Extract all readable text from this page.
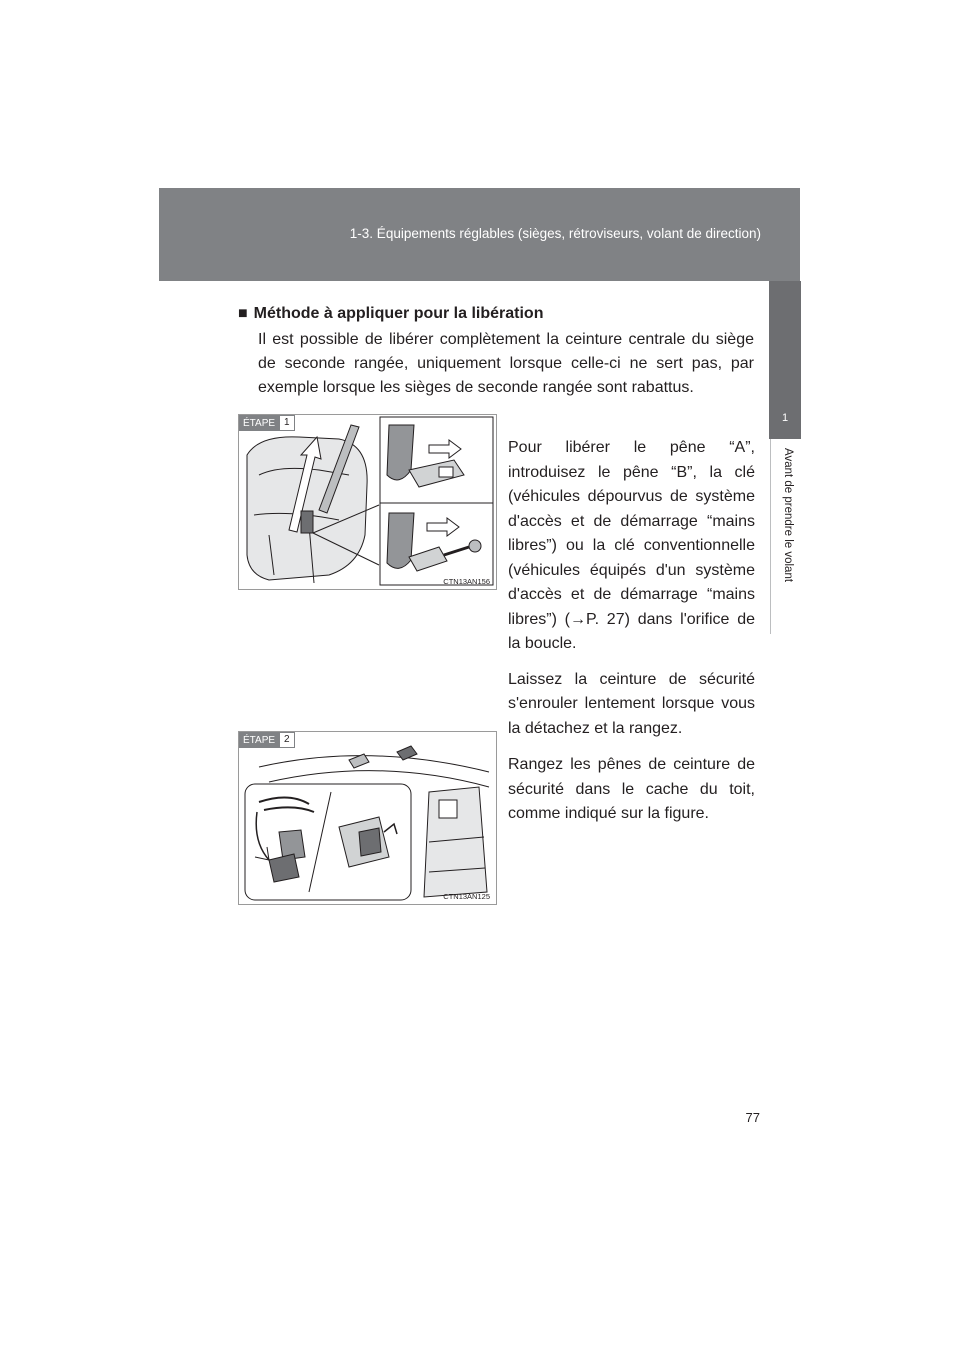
1-3. Équipements réglables (sièges, rétroviseurs, volant de direction)
1
Avant de prendre le volant
■ Méthode à appliquer pour la libération

Il est possible de libérer complètement la ceinture centrale du siège de seconde rangée, uniquement lorsque celle-ci ne sert pas, par exemple lorsque les sièges de seconde rangée sont rabattus.

ÉTAPE 1
CTN13AN156

Pour libérer le pêne “A”, introduisez le pêne “B”, la clé (véhicules dépourvus de système d'accès et de démarrage “mains libres”) ou la clé conventionnelle (véhicules équipés d'un système d'accès et de démarrage “mains libres”) (→P. 27) dans l'orifice de la boucle.

Laissez la ceinture de sécurité s'enrouler lentement lorsque vous la détachez et la rangez.

ÉTAPE 2
CTN13AN125

Rangez les pênes de ceinture de sécurité dans le cache du toit, comme indiqué sur la figure.

77
